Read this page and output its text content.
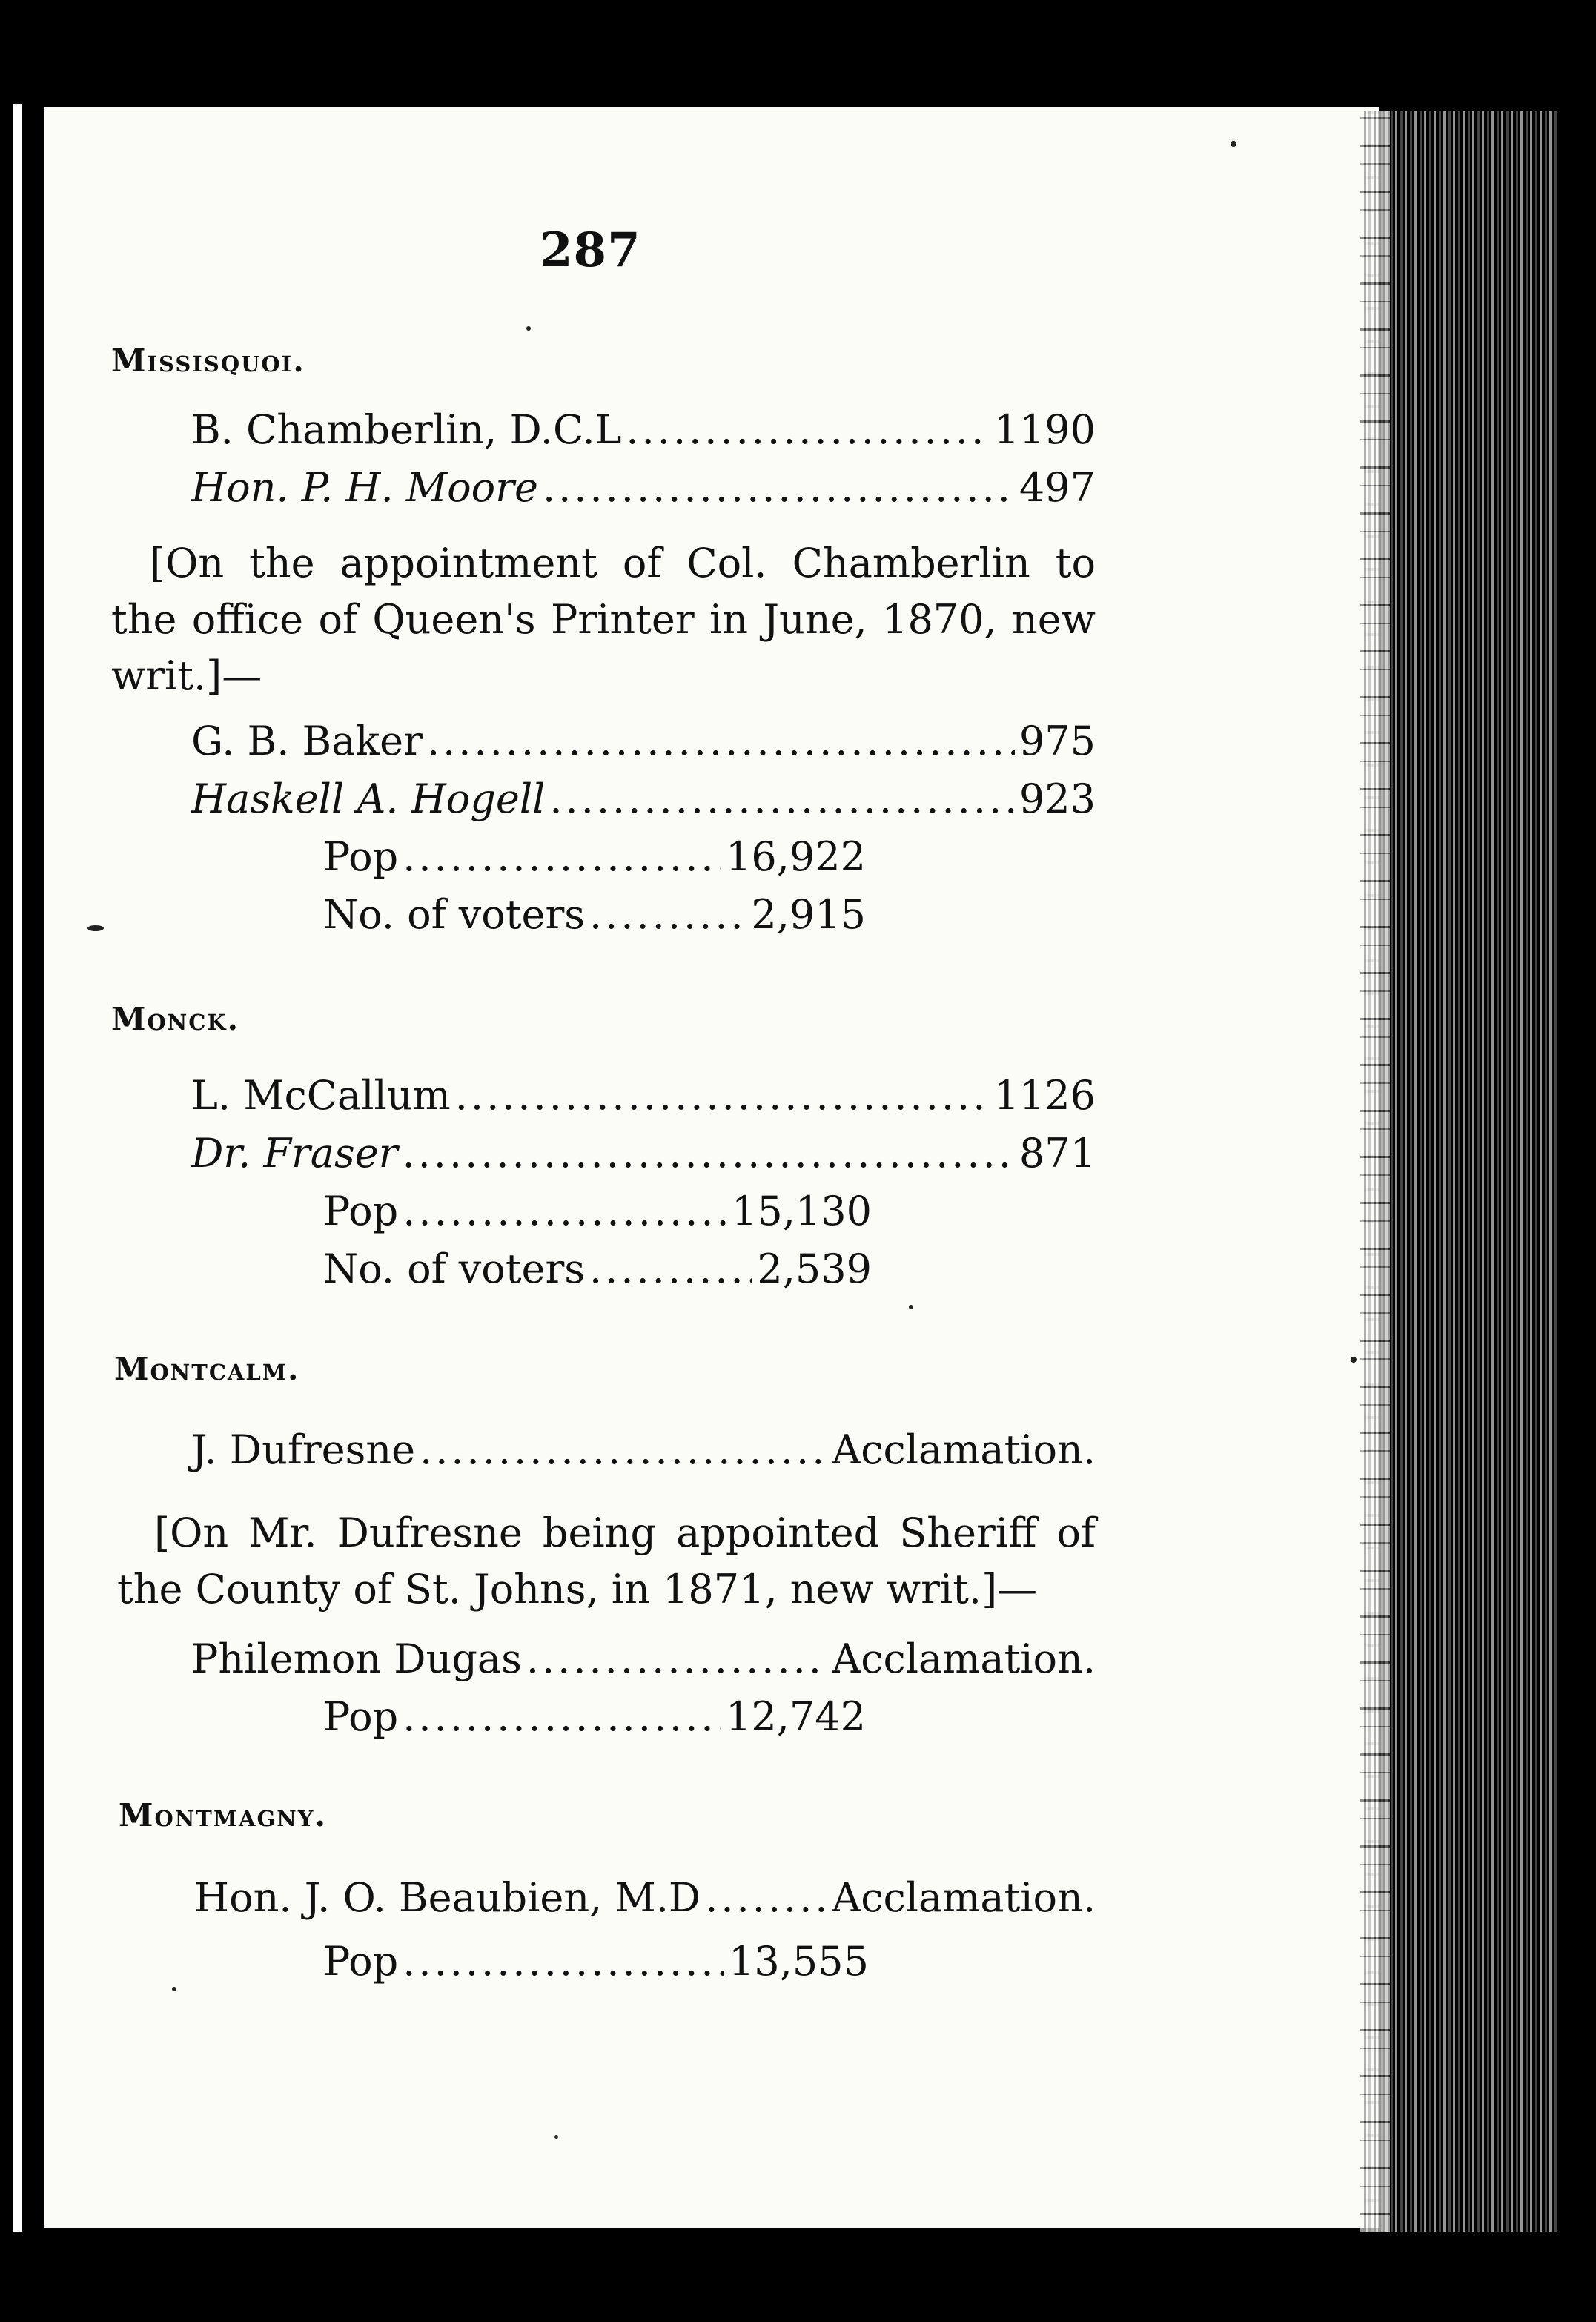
287
Missisquoi.
B. Chamberlin, D.C.L .....	1190
Hon. P. H. Moore .....	497
[On the appointment of Col. Chamberlin to the office of Queen's Printer in June, 1870, new writ.]—
G. B. Baker .....	975
Haskell A. Hogell .....	923
Pop .....	16,922
No. of voters .....	2,915
Monck.
L. McCallum .....	1126
Dr. Fraser .....	871
Pop .....	15,130
No. of voters .....	2,539
Montcalm.
J. Dufresne .....	Acclamation.
[On Mr. Dufresne being appointed Sheriff of the County of St. Johns, in 1871, new writ.]—
Philemon Dugas .....	Acclamation.
Pop .....	12,742
Montmagny.
Hon. J. O. Beaubien, M.D .....	Acclamation.
Pop .....	13,555
